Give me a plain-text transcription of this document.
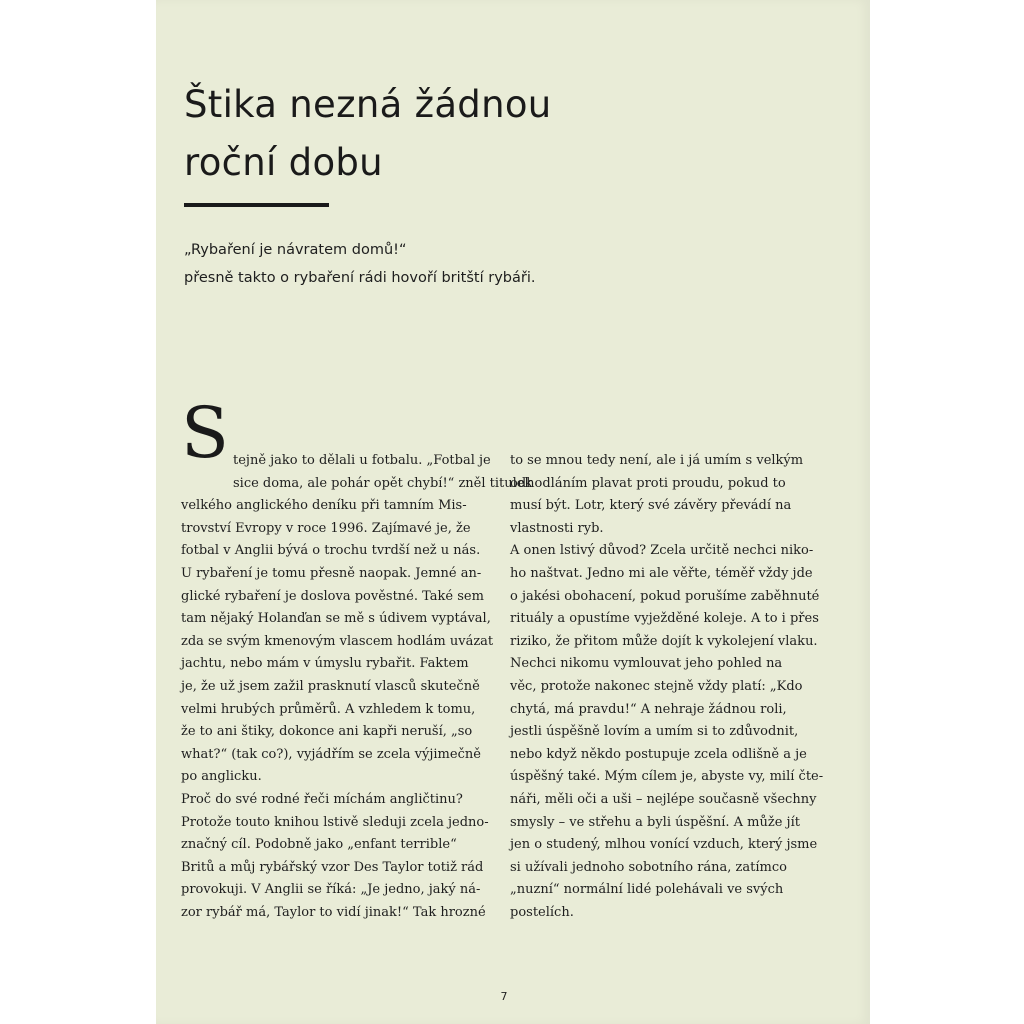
Štika nezná žádnou
roční dobu
„Rybaření je návratem domů!“
přesně takto o rybaření rádi hovoří britští rybáři.
S tejně jako to dělali u fotbalu. „Fotbal je
sice doma, ale pohár opět chybí!“ zněl titulek
velkého anglického deníku při tamním Mis-
trovství Evropy v roce 1996. Zajímavé je, že
fotbal v Anglii bývá o trochu tvrdší než u nás.
U rybaření je tomu přesně naopak. Jemné an-
glické rybaření je doslova pověstné. Také sem
tam nějaký Holanďan se mě s údivem vyptával,
zda se svým kmenovým vlascem hodlám uvázat
jachtu, nebo mám v úmyslu rybařit. Faktem
je, že už jsem zažil prasknutí vlasců skutečně
velmi hrubých průměrů. A vzhledem k tomu,
že to ani štiky, dokonce ani kapři neruší, „so
what?“ (tak co?), vyjádřím se zcela výjimečně
po anglicku.
Proč do své rodné řeči míchám angličtinu?
Protože touto knihou lstivě sleduji zcela jedno-
značný cíl. Podobně jako „enfant terrible“
Britů a můj rybářský vzor Des Taylor totiž rád
provokuji. V Anglii se říká: „Je jedno, jaký ná-
zor rybář má, Taylor to vidí jinak!“ Tak hrozné
to se mnou tedy není, ale i já umím s velkým
odhodláním plavat proti proudu, pokud to
musí být. Lotr, který své závěry převádí na
vlastnosti ryb.
A onen lstivý důvod? Zcela určitě nechci niko-
ho naštvat. Jedno mi ale věřte, téměř vždy jde
o jakési obohacení, pokud porušíme zaběhnuté
rituály a opustíme vyježděné koleje. A to i přes
riziko, že přitom může dojít k vykolejení vlaku.
Nechci nikomu vymlouvat jeho pohled na
věc, protože nakonec stejně vždy platí: „Kdo
chytá, má pravdu!“ A nehraje žádnou roli,
jestli úspěšně lovím a umím si to zdůvodnit,
nebo když někdo postupuje zcela odlišně a je
úspěšný také. Mým cílem je, abyste vy, milí čte-
náři, měli oči a uši – nejlépe současně všechny
smysly – ve střehu a byli úspěšní. A může jít
jen o studený, mlhou vonící vzduch, který jsme
si užívali jednoho sobotního rána, zatímco
„nuzní“ normální lidé polehávali ve svých
postelích.
7
